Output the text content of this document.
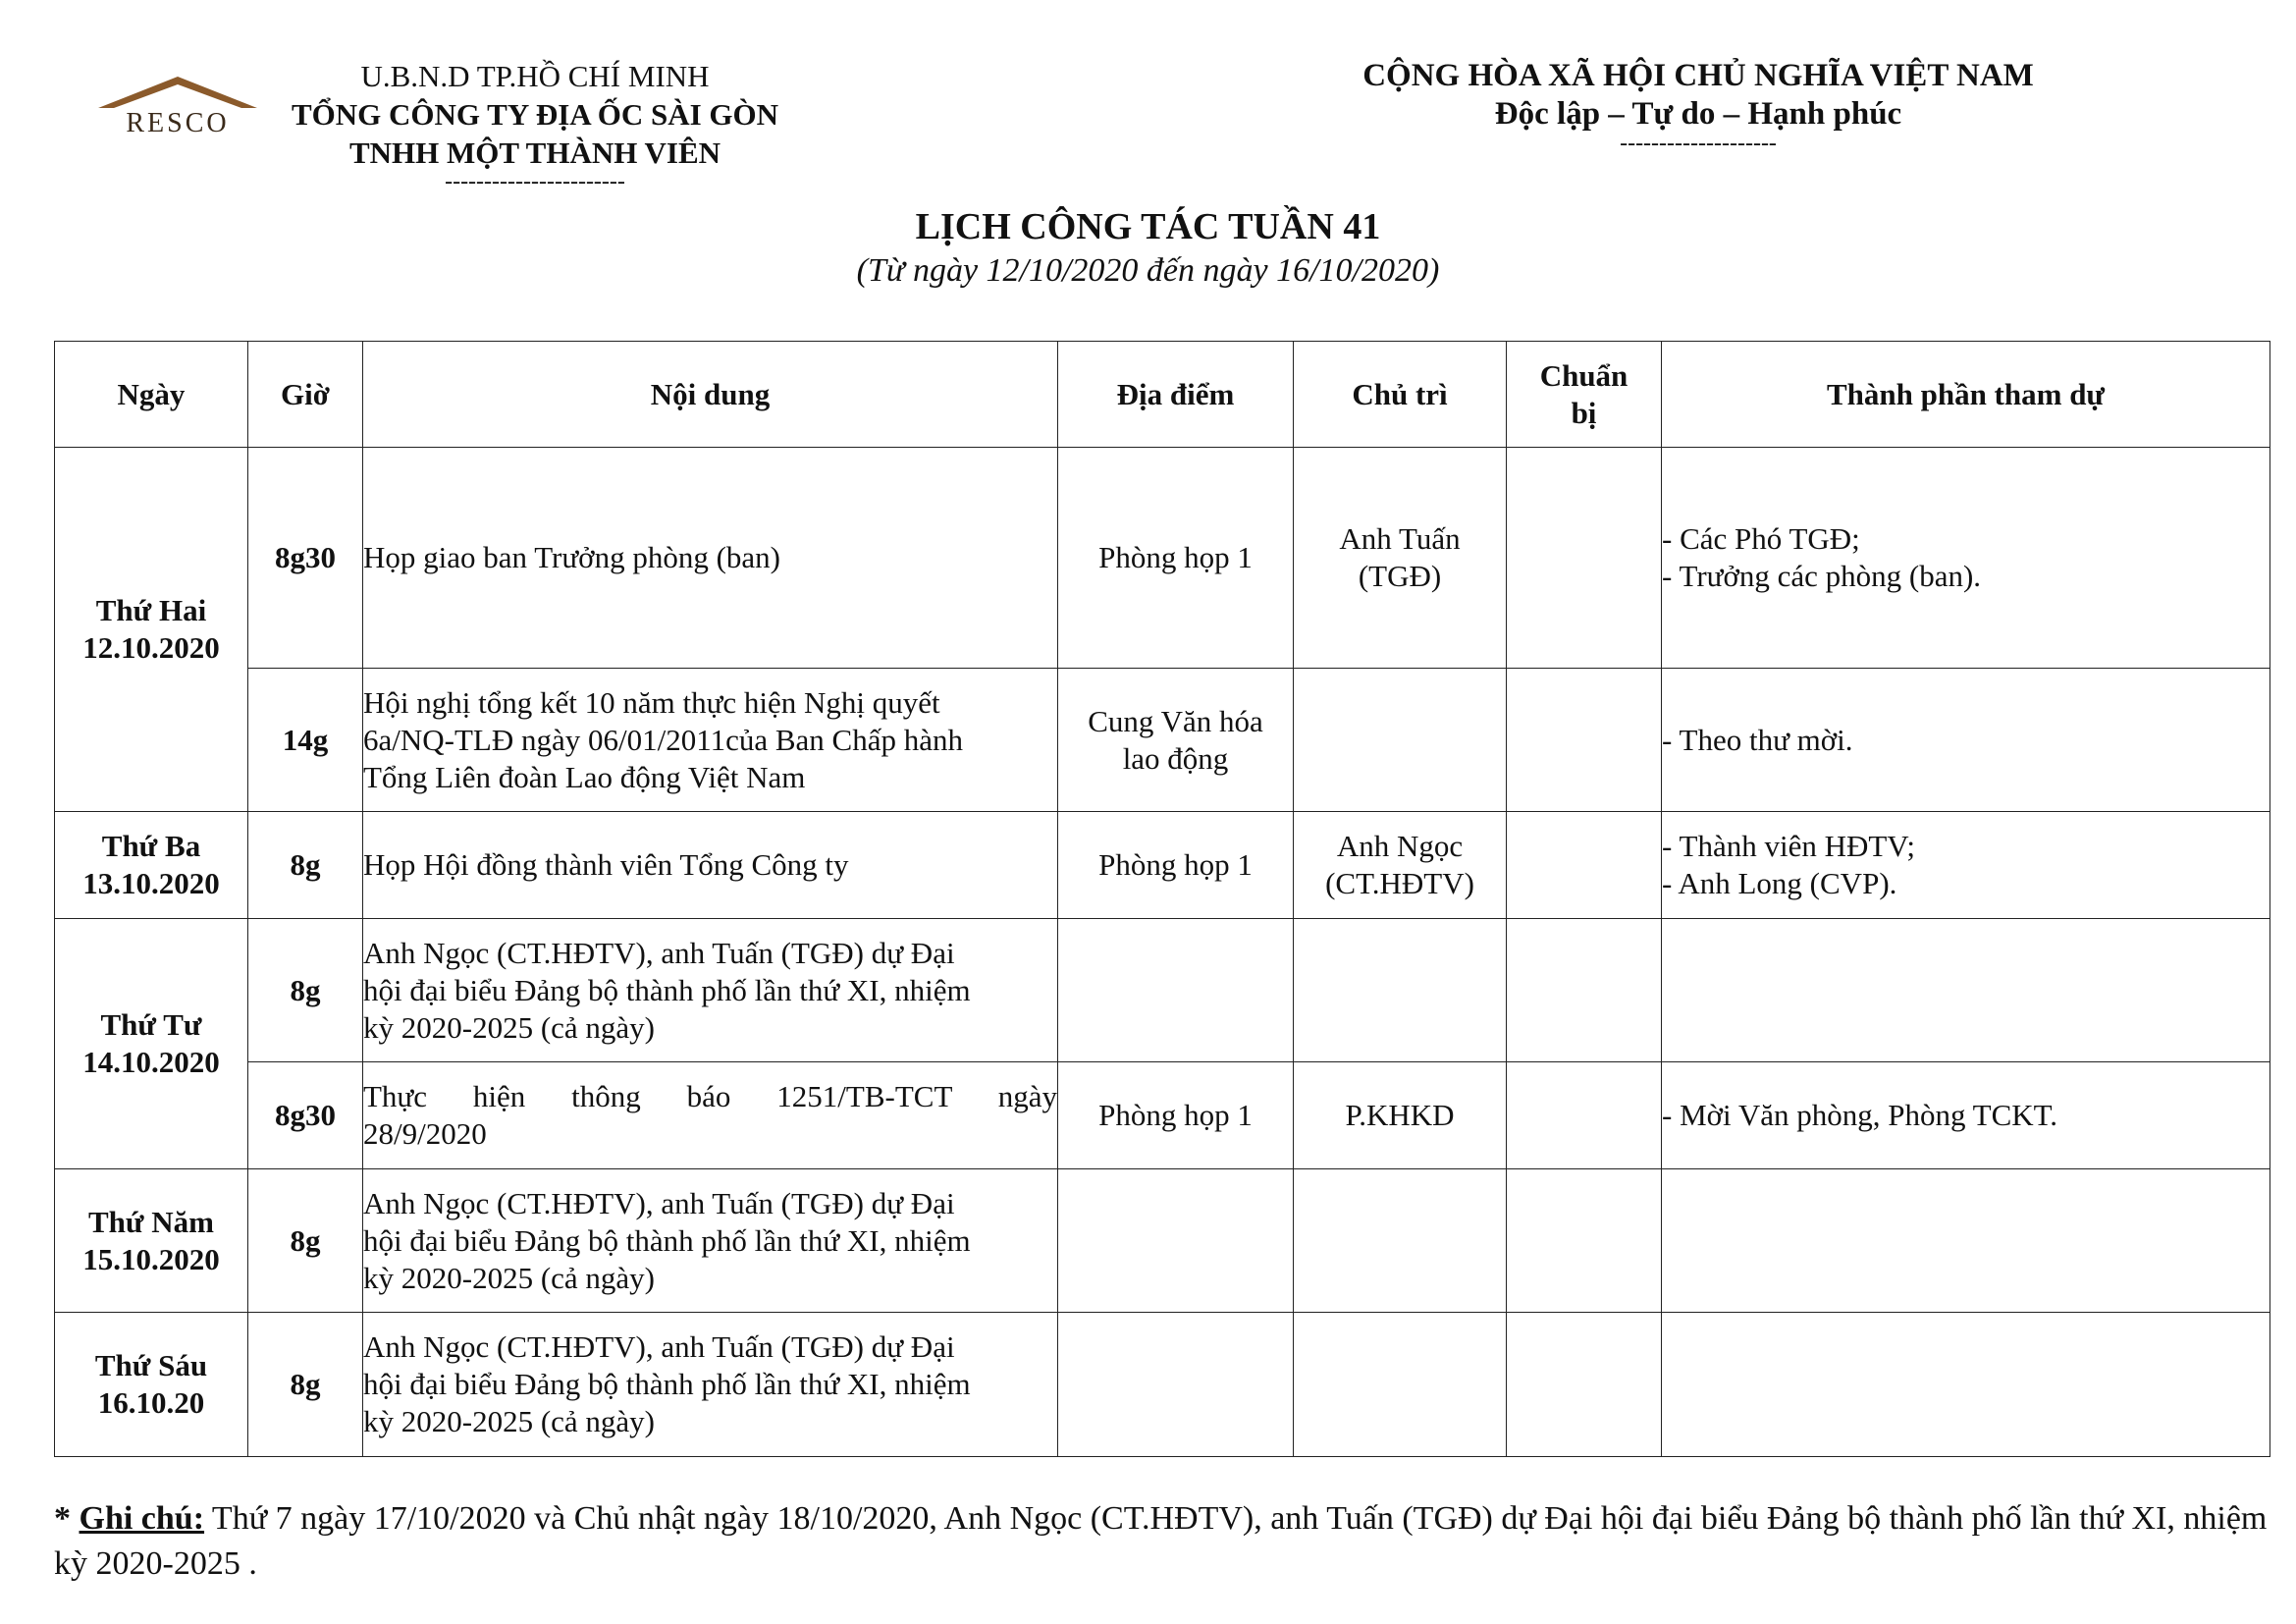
RESCO
U.B.N.D TP.HỒ CHÍ MINH
TỔNG CÔNG TY ĐỊA ỐC SÀI GÒN
TNHH MỘT THÀNH VIÊN
-----------------------
CỘNG HÒA XÃ HỘI CHỦ NGHĨA VIỆT NAM
Độc lập – Tự do – Hạnh phúc
--------------------
LỊCH CÔNG TÁC TUẦN 41
(Từ ngày 12/10/2020 đến ngày 16/10/2020)
Ngày	Giờ	Nội dung	Địa điểm	Chủ trì	Chuẩn
bị	Thành phần tham dự

Thứ Hai
12.10.2020	8g30	Họp giao ban Trưởng phòng (ban)	Phòng họp 1	Anh Tuấn
(TGĐ)		- Các Phó TGĐ;
- Trưởng các phòng (ban).

	14g	Hội nghị tổng kết 10 năm thực hiện Nghị quyết
6a/NQ-TLĐ ngày 06/01/2011của Ban Chấp hành
Tổng Liên đoàn Lao động Việt Nam	Cung Văn hóa
lao động			- Theo thư mời.

Thứ Ba
13.10.2020	8g	Họp Hội đồng thành viên Tổng Công ty	Phòng họp 1	Anh Ngọc
(CT.HĐTV)		- Thành viên HĐTV;
- Anh Long (CVP).

Thứ Tư
14.10.2020	8g	Anh Ngọc (CT.HĐTV), anh Tuấn (TGĐ) dự Đại
hội đại biểu Đảng bộ thành phố lần thứ XI, nhiệm
kỳ 2020-2025 (cả ngày)				

	8g30	Thực hiện thông báo 1251/TB-TCT ngày
28/9/2020	Phòng họp 1	P.KHKD		- Mời Văn phòng, Phòng TCKT.

Thứ Năm
15.10.2020	8g	Anh Ngọc (CT.HĐTV), anh Tuấn (TGĐ) dự Đại
hội đại biểu Đảng bộ thành phố lần thứ XI, nhiệm
kỳ 2020-2025 (cả ngày)				

Thứ Sáu
16.10.20	8g	Anh Ngọc (CT.HĐTV), anh Tuấn (TGĐ) dự Đại
hội đại biểu Đảng bộ thành phố lần thứ XI, nhiệm
kỳ 2020-2025 (cả ngày)				

* Ghi chú: Thứ 7 ngày 17/10/2020 và Chủ nhật ngày 18/10/2020, Anh Ngọc (CT.HĐTV), anh Tuấn (TGĐ) dự Đại hội đại biểu Đảng bộ thành phố lần thứ XI, nhiệm kỳ 2020-2025 .
